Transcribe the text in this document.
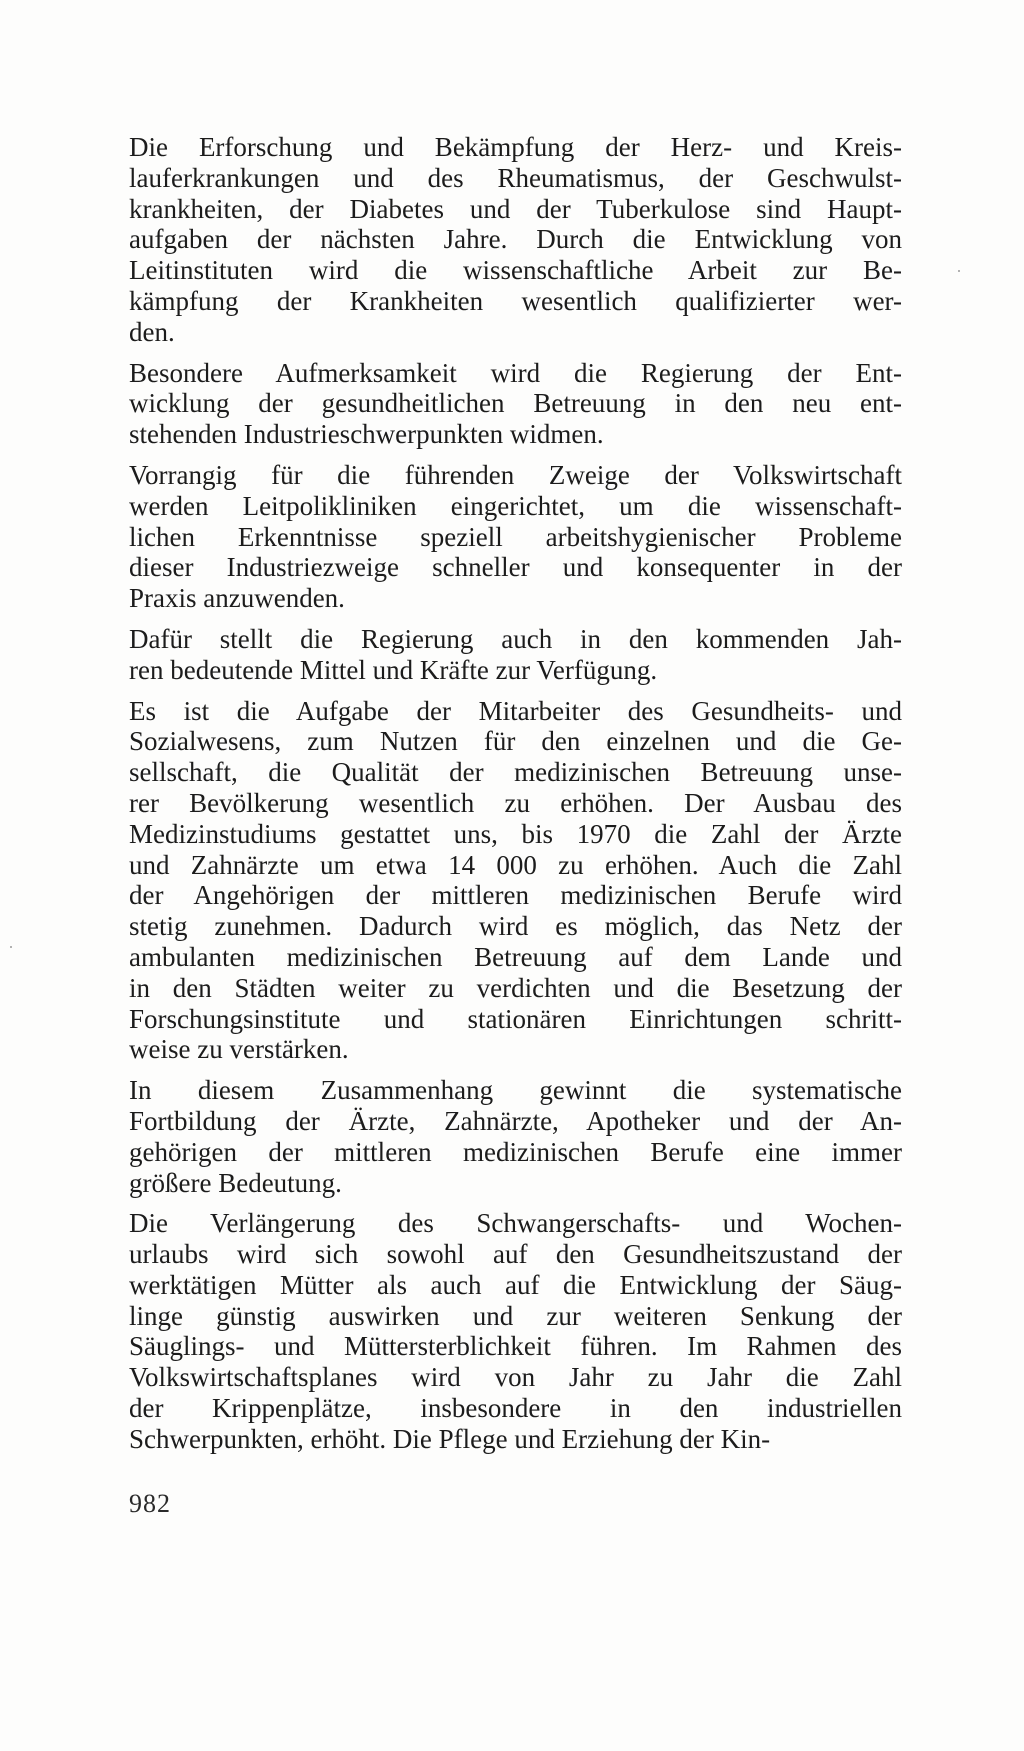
Die Erforschung und Bekämpfung der Herz- und Kreis-
lauferkrankungen und des Rheumatismus, der Geschwulst-
krankheiten, der Diabetes und der Tuberkulose sind Haupt-
aufgaben der nächsten Jahre. Durch die Entwicklung von
Leitinstituten wird die wissenschaftliche Arbeit zur Be-
kämpfung der Krankheiten wesentlich qualifizierter wer-
den.

Besondere Aufmerksamkeit wird die Regierung der Ent-
wicklung der gesundheitlichen Betreuung in den neu ent-
stehenden Industrieschwerpunkten widmen.

Vorrangig für die führenden Zweige der Volkswirtschaft
werden Leitpolikliniken eingerichtet, um die wissenschaft-
lichen Erkenntnisse speziell arbeitshygienischer Probleme
dieser Industriezweige schneller und konsequenter in der
Praxis anzuwenden.

Dafür stellt die Regierung auch in den kommenden Jah-
ren bedeutende Mittel und Kräfte zur Verfügung.

Es ist die Aufgabe der Mitarbeiter des Gesundheits- und
Sozialwesens, zum Nutzen für den einzelnen und die Ge-
sellschaft, die Qualität der medizinischen Betreuung unse-
rer Bevölkerung wesentlich zu erhöhen. Der Ausbau des
Medizinstudiums gestattet uns, bis 1970 die Zahl der Ärzte
und Zahnärzte um etwa 14 000 zu erhöhen. Auch die Zahl
der Angehörigen der mittleren medizinischen Berufe wird
stetig zunehmen. Dadurch wird es möglich, das Netz der
ambulanten medizinischen Betreuung auf dem Lande und
in den Städten weiter zu verdichten und die Besetzung der
Forschungsinstitute und stationären Einrichtungen schritt-
weise zu verstärken.

In diesem Zusammenhang gewinnt die systematische
Fortbildung der Ärzte, Zahnärzte, Apotheker und der An-
gehörigen der mittleren medizinischen Berufe eine immer
größere Bedeutung.

Die Verlängerung des Schwangerschafts- und Wochen-
urlaubs wird sich sowohl auf den Gesundheitszustand der
werktätigen Mütter als auch auf die Entwicklung der Säug-
linge günstig auswirken und zur weiteren Senkung der
Säuglings- und Müttersterblichkeit führen. Im Rahmen des
Volkswirtschaftsplanes wird von Jahr zu Jahr die Zahl
der Krippenplätze, insbesondere in den industriellen
Schwerpunkten, erhöht. Die Pflege und Erziehung der Kin-

982
